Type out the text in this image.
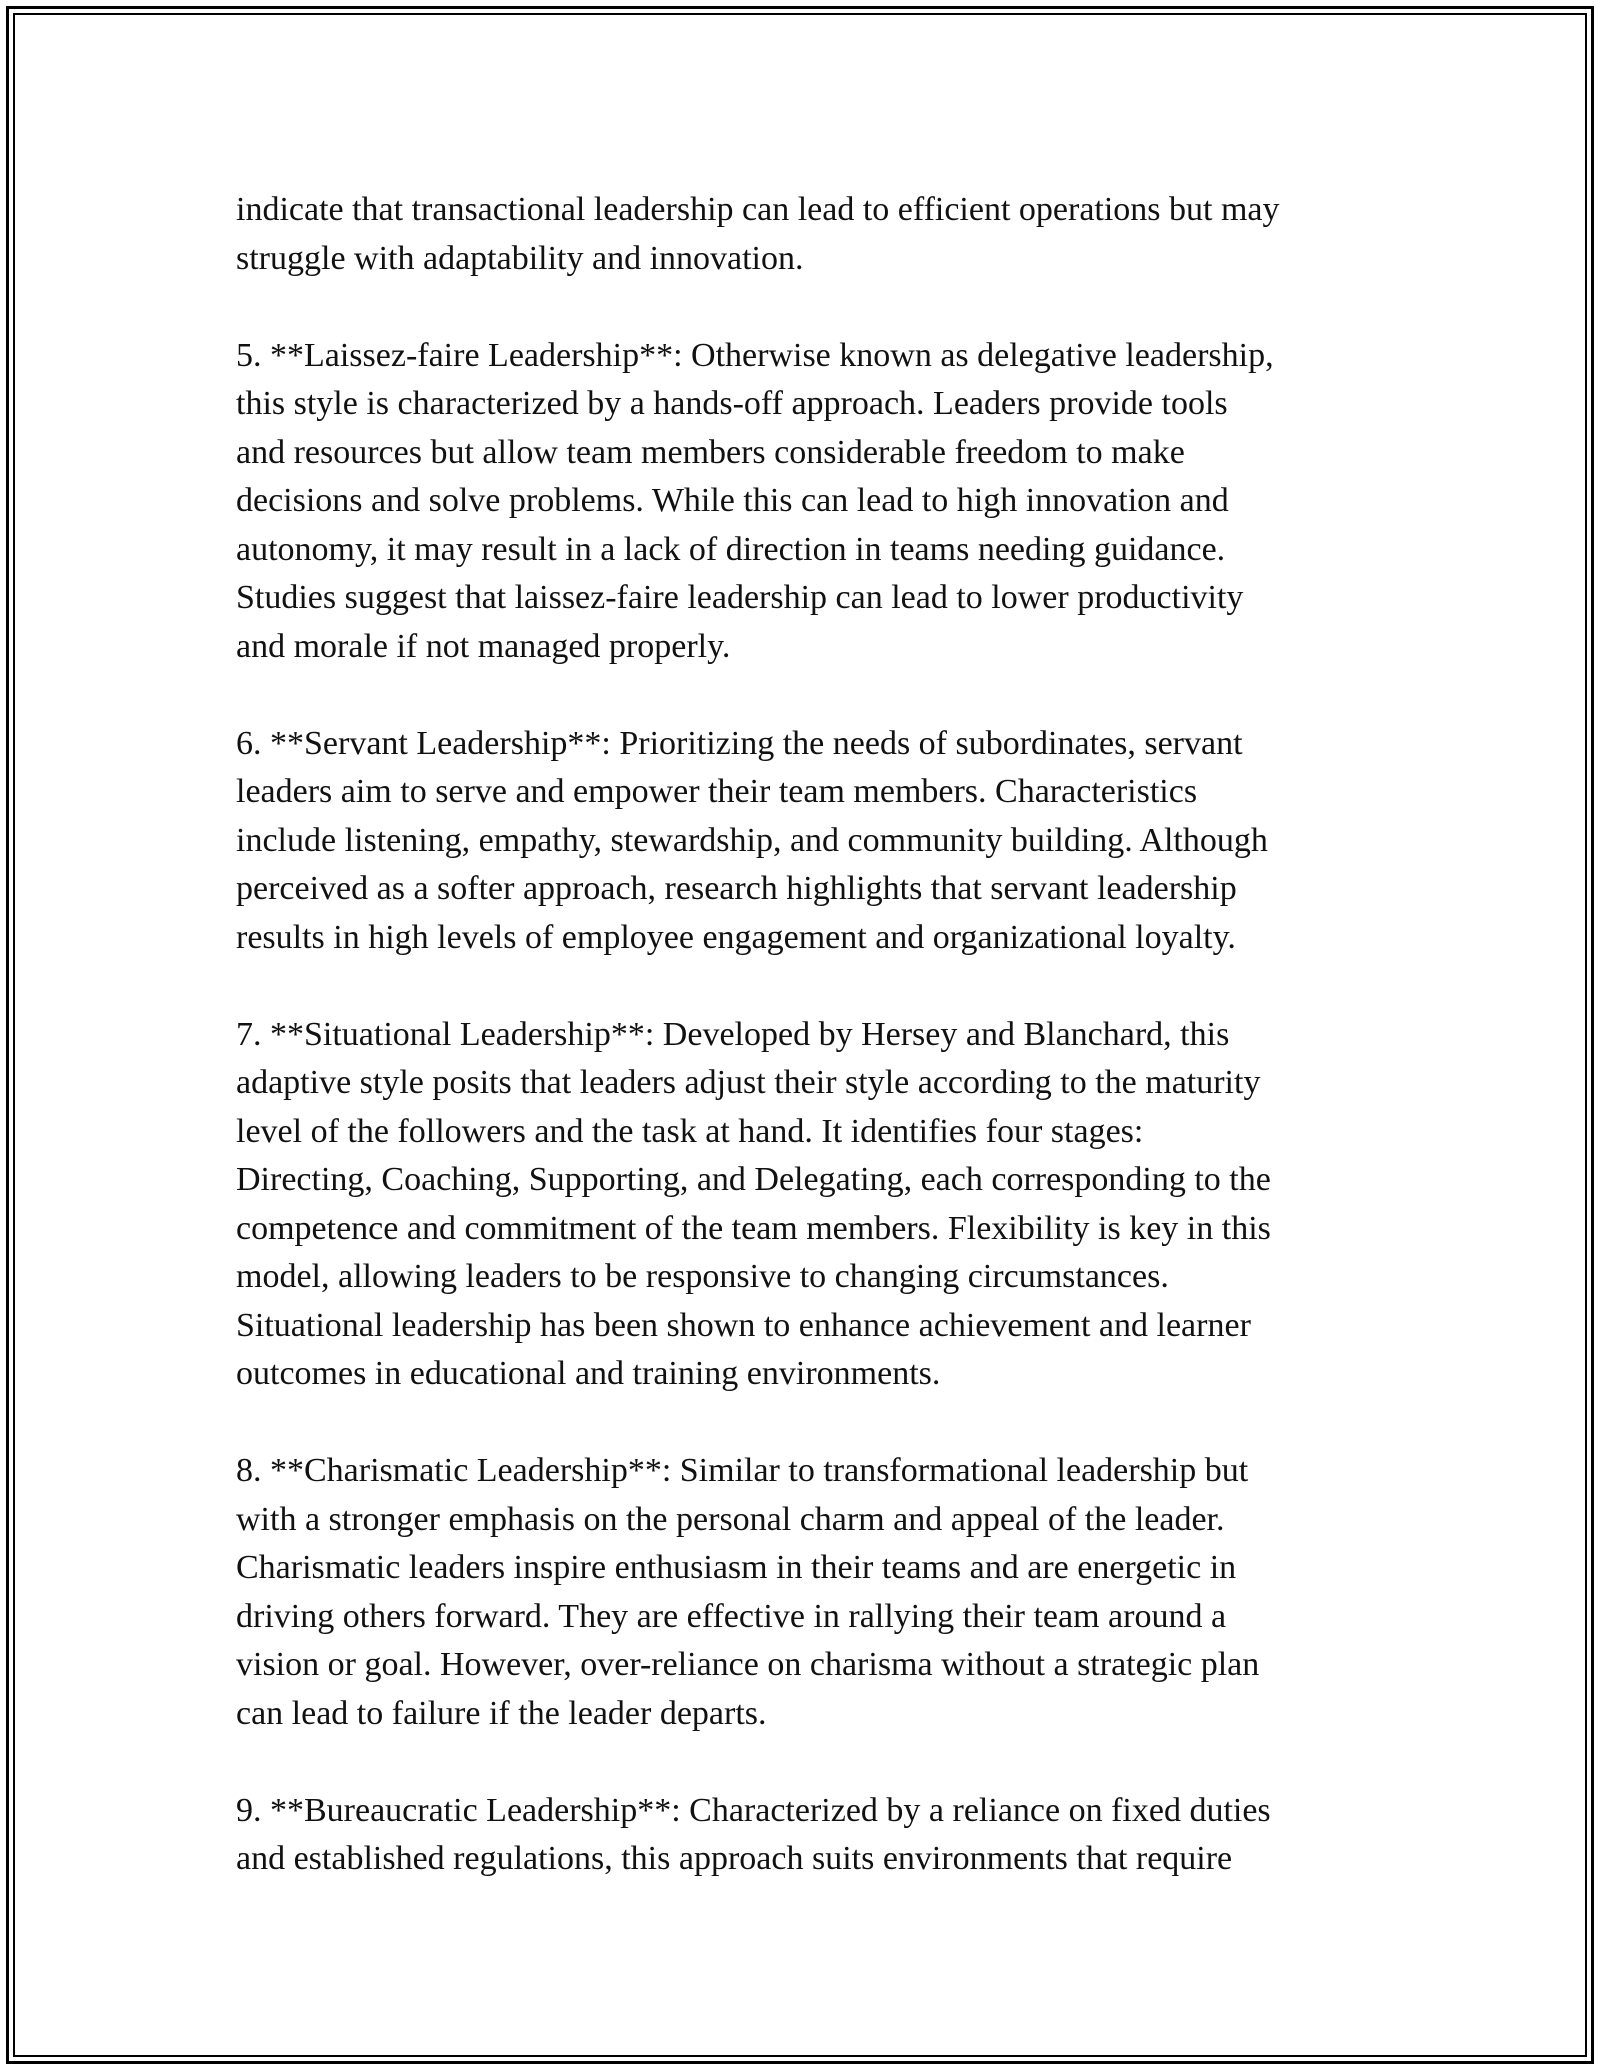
indicate that transactional leadership can lead to efficient operations but may
struggle with adaptability and innovation.

5. **Laissez-faire Leadership**: Otherwise known as delegative leadership,
this style is characterized by a hands-off approach. Leaders provide tools
and resources but allow team members considerable freedom to make
decisions and solve problems. While this can lead to high innovation and
autonomy, it may result in a lack of direction in teams needing guidance.
Studies suggest that laissez-faire leadership can lead to lower productivity
and morale if not managed properly.

6. **Servant Leadership**: Prioritizing the needs of subordinates, servant
leaders aim to serve and empower their team members. Characteristics
include listening, empathy, stewardship, and community building. Although
perceived as a softer approach, research highlights that servant leadership
results in high levels of employee engagement and organizational loyalty.

7. **Situational Leadership**: Developed by Hersey and Blanchard, this
adaptive style posits that leaders adjust their style according to the maturity
level of the followers and the task at hand. It identifies four stages:
Directing, Coaching, Supporting, and Delegating, each corresponding to the
competence and commitment of the team members. Flexibility is key in this
model, allowing leaders to be responsive to changing circumstances.
Situational leadership has been shown to enhance achievement and learner
outcomes in educational and training environments.

8. **Charismatic Leadership**: Similar to transformational leadership but
with a stronger emphasis on the personal charm and appeal of the leader.
Charismatic leaders inspire enthusiasm in their teams and are energetic in
driving others forward. They are effective in rallying their team around a
vision or goal. However, over-reliance on charisma without a strategic plan
can lead to failure if the leader departs.

9. **Bureaucratic Leadership**: Characterized by a reliance on fixed duties
and established regulations, this approach suits environments that require
